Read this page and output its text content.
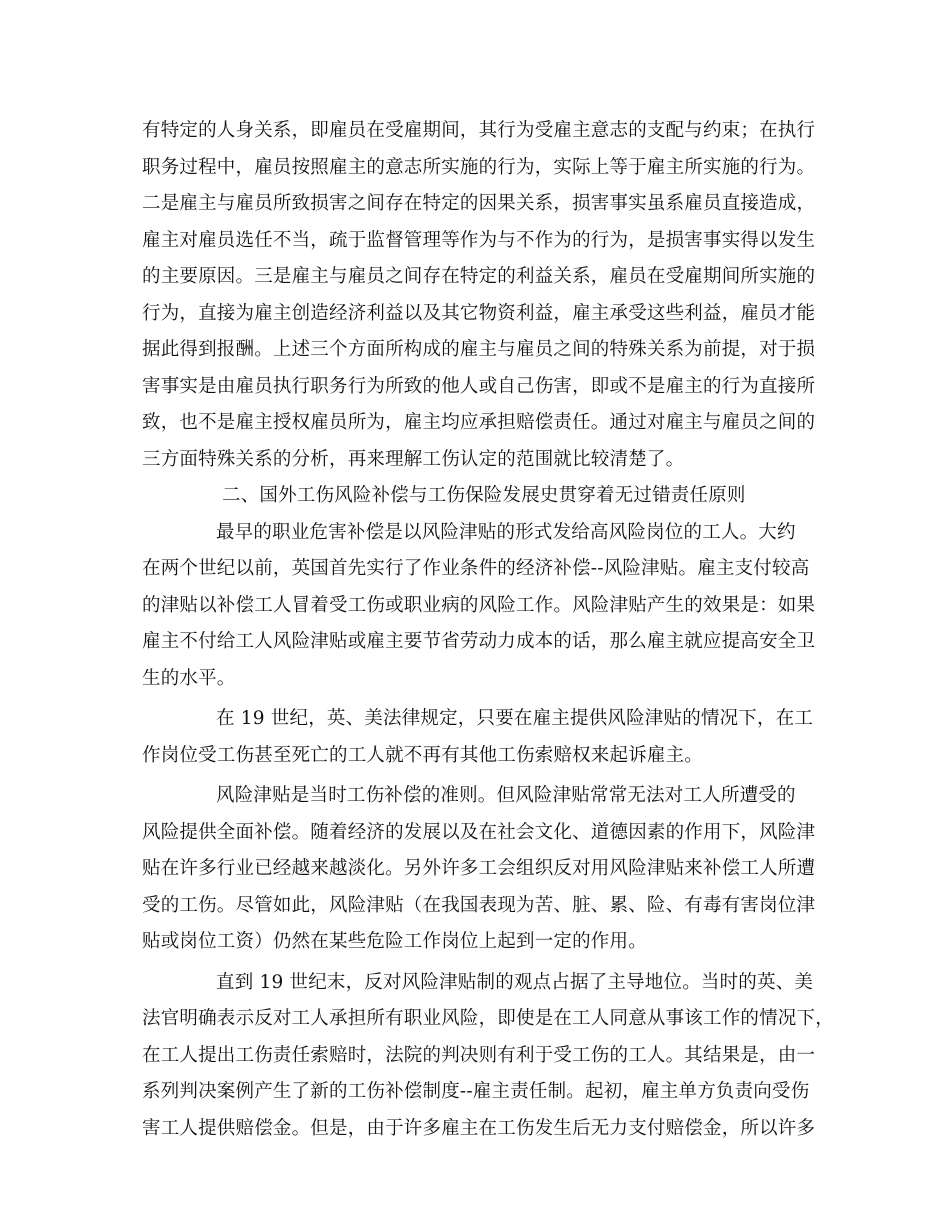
有特定的人身关系，即雇员在受雇期间，其行为受雇主意志的支配与约束；在执行
职务过程中，雇员按照雇主的意志所实施的行为，实际上等于雇主所实施的行为。
二是雇主与雇员所致损害之间存在特定的因果关系，损害事实虽系雇员直接造成，
雇主对雇员选任不当，疏于监督管理等作为与不作为的行为，是损害事实得以发生
的主要原因。三是雇主与雇员之间存在特定的利益关系，雇员在受雇期间所实施的
行为，直接为雇主创造经济利益以及其它物资利益，雇主承受这些利益，雇员才能
据此得到报酬。上述三个方面所构成的雇主与雇员之间的特殊关系为前提，对于损
害事实是由雇员执行职务行为所致的他人或自己伤害，即或不是雇主的行为直接所
致，也不是雇主授权雇员所为，雇主均应承担赔偿责任。通过对雇主与雇员之间的
三方面特殊关系的分析，再来理解工伤认定的范围就比较清楚了。
二、国外工伤风险补偿与工伤保险发展史贯穿着无过错责任原则
最早的职业危害补偿是以风险津贴的形式发给高风险岗位的工人。大约
在两个世纪以前，英国首先实行了作业条件的经济补偿--风险津贴。雇主支付较高
的津贴以补偿工人冒着受工伤或职业病的风险工作。风险津贴产生的效果是：如果
雇主不付给工人风险津贴或雇主要节省劳动力成本的话，那么雇主就应提高安全卫
生的水平。
在 19 世纪，英、美法律规定，只要在雇主提供风险津贴的情况下，在工
作岗位受工伤甚至死亡的工人就不再有其他工伤索赔权来起诉雇主。
风险津贴是当时工伤补偿的准则。但风险津贴常常无法对工人所遭受的
风险提供全面补偿。随着经济的发展以及在社会文化、道德因素的作用下，风险津
贴在许多行业已经越来越淡化。另外许多工会组织反对用风险津贴来补偿工人所遭
受的工伤。尽管如此，风险津贴（在我国表现为苦、脏、累、险、有毒有害岗位津
贴或岗位工资）仍然在某些危险工作岗位上起到一定的作用。
直到 19 世纪末，反对风险津贴制的观点占据了主导地位。当时的英、美
法官明确表示反对工人承担所有职业风险，即使是在工人同意从事该工作的情况下，
在工人提出工伤责任索赔时，法院的判决则有利于受工伤的工人。其结果是，由一
系列判决案例产生了新的工伤补偿制度--雇主责任制。起初，雇主单方负责向受伤
害工人提供赔偿金。但是，由于许多雇主在工伤发生后无力支付赔偿金，所以许多
